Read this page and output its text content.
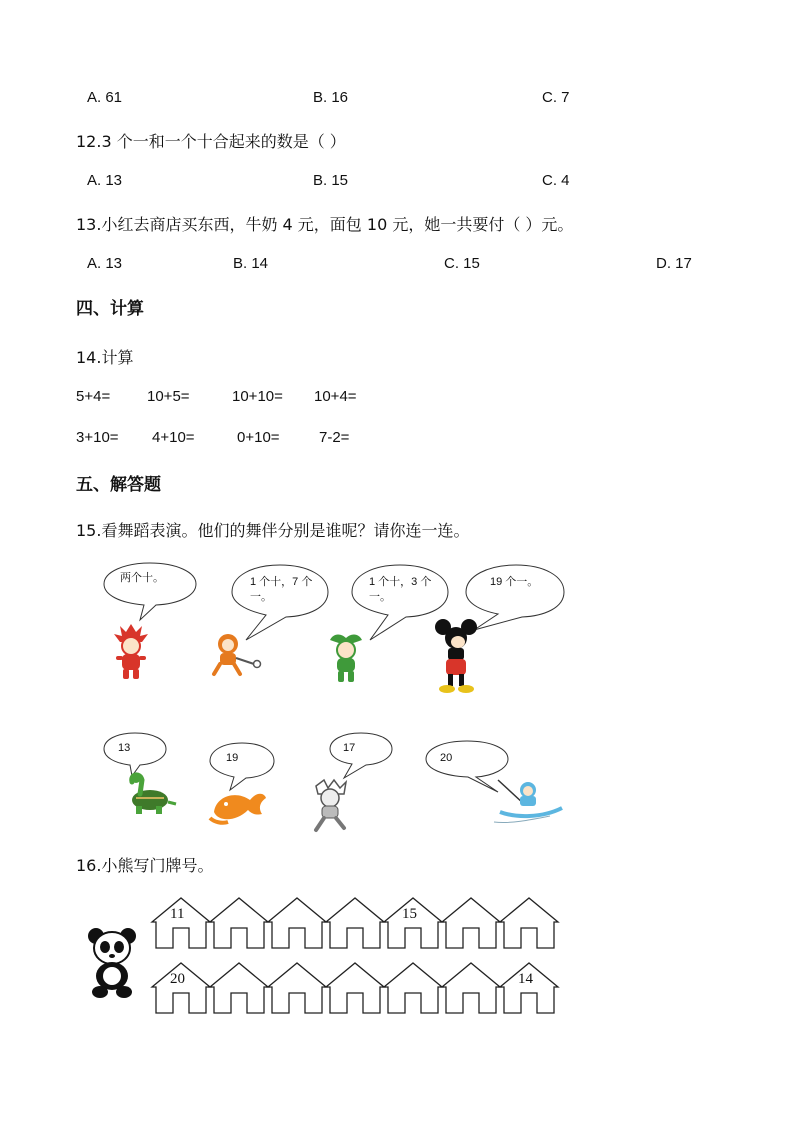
A. 61	B. 16	C. 7
12.3 个一和一个十合起来的数是（ ）
A. 13	B. 15	C. 4
13.小红去商店买东西，牛奶 4 元，面包 10 元，她一共要付（ ）元。
A. 13	B. 14	C. 15	D. 17
四、计算
14.计算
5+4= 10+5=	10+10= 10+4=
3+10= 4+10=	0+10=	7-2=
五、解答题
15.看舞蹈表演。他们的舞伴分别是谁呢？请你连一连。
两个十。	1 个十，7 个一。
1 个十，3 个一。
19 个一。
13
19
17
20
16.小熊写门牌号。
11	15
20	14
